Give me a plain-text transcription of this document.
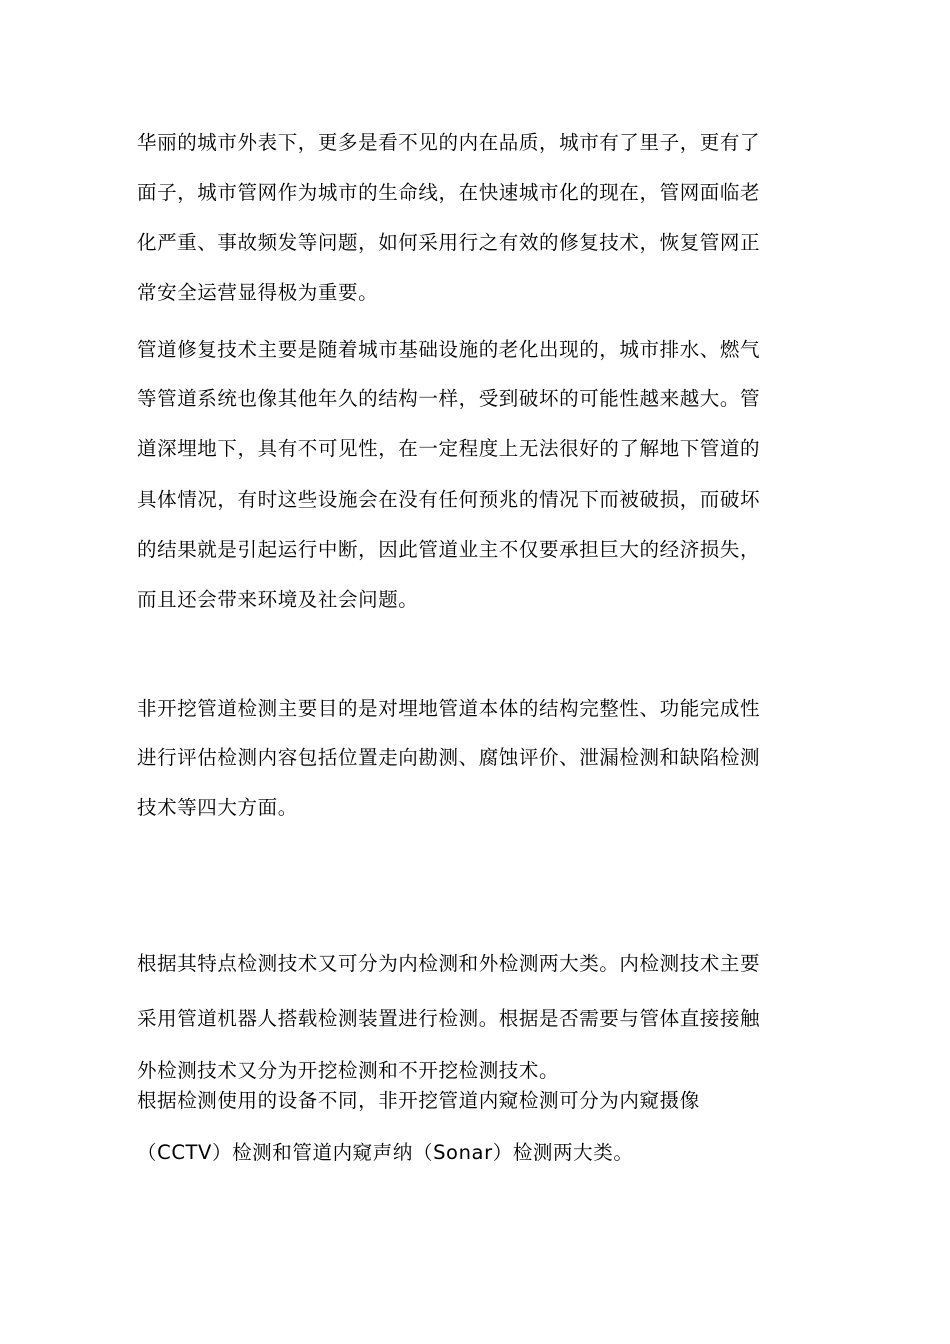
华丽的城市外表下，更多是看不见的内在品质，城市有了里子，更有了
面子，城市管网作为城市的生命线，在快速城市化的现在，管网面临老
化严重、事故频发等问题，如何采用行之有效的修复技术，恢复管网正
常安全运营显得极为重要。
管道修复技术主要是随着城市基础设施的老化出现的，城市排水、燃气
等管道系统也像其他年久的结构一样，受到破坏的可能性越来越大。管
道深埋地下，具有不可见性，在一定程度上无法很好的了解地下管道的
具体情况，有时这些设施会在没有任何预兆的情况下而被破损，而破坏
的结果就是引起运行中断，因此管道业主不仅要承担巨大的经济损失，
而且还会带来环境及社会问题。
非开挖管道检测主要目的是对埋地管道本体的结构完整性、功能完成性
进行评估检测内容包括位置走向勘测、腐蚀评价、泄漏检测和缺陷检测
技术等四大方面。
根据其特点检测技术又可分为内检测和外检测两大类。内检测技术主要
采用管道机器人搭载检测装置进行检测。根据是否需要与管体直接接触
外检测技术又分为开挖检测和不开挖检测技术。
根据检测使用的设备不同，非开挖管道内窥检测可分为内窥摄像
（CCTV）检测和管道内窥声纳（Sonar）检测两大类。
